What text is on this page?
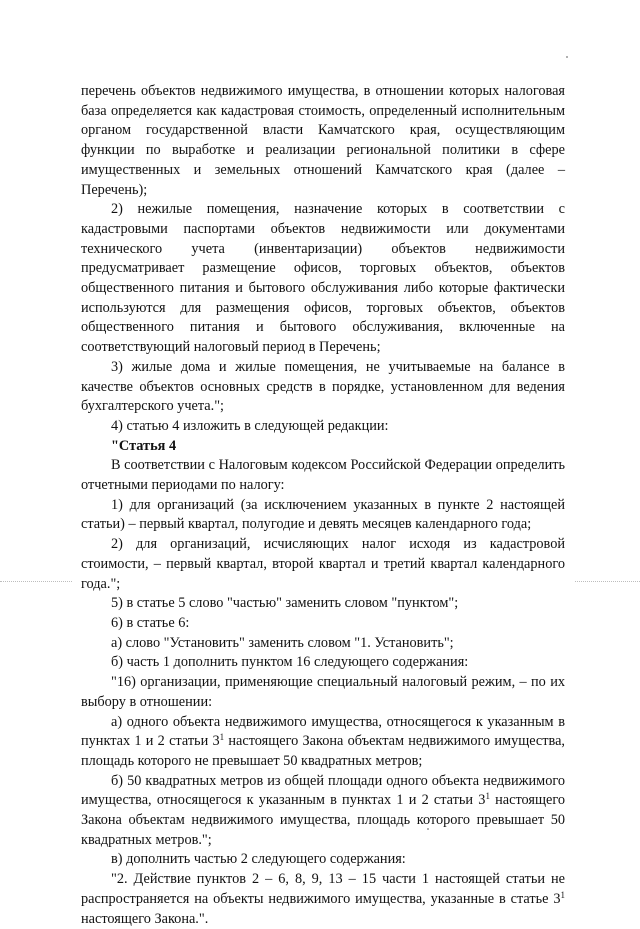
перечень объектов недвижимого имущества, в отношении которых налоговая база определяется как кадастровая стоимость, определенный исполнительным органом государственной власти Камчатского края, осуществляющим функции по выработке и реализации региональной политики в сфере имущественных и земельных отношений Камчатского края (далее – Перечень);

2) нежилые помещения, назначение которых в соответствии с кадастровыми паспортами объектов недвижимости или документами технического учета (инвентаризации) объектов недвижимости предусматривает размещение офисов, торговых объектов, объектов общественного питания и бытового обслуживания либо которые фактически используются для размещения офисов, торговых объектов, объектов общественного питания и бытового обслуживания, включенные на соответствующий налоговый период в Перечень;

3) жилые дома и жилые помещения, не учитываемые на балансе в качестве объектов основных средств в порядке, установленном для ведения бухгалтерского учета.";

4) статью 4 изложить в следующей редакции:

"Статья 4

В соответствии с Налоговым кодексом Российской Федерации определить отчетными периодами по налогу:

1) для организаций (за исключением указанных в пункте 2 настоящей статьи) – первый квартал, полугодие и девять месяцев календарного года;

2) для организаций, исчисляющих налог исходя из кадастровой стоимости, – первый квартал, второй квартал и третий квартал календарного года.";

5) в статье 5 слово "частью" заменить словом "пунктом";

6) в статье 6:

а) слово "Установить" заменить словом "1. Установить";

б) часть 1 дополнить пунктом 16 следующего содержания:

"16) организации, применяющие специальный налоговый режим, – по их выбору в отношении:

а) одного объекта недвижимого имущества, относящегося к указанным в пунктах 1 и 2 статьи $3^1$ настоящего Закона объектам недвижимого имущества, площадь которого не превышает 50 квадратных метров;

б) 50 квадратных метров из общей площади одного объекта недвижимого имущества, относящегося к указанным в пунктах 1 и 2 статьи $3^1$ настоящего Закона объектам недвижимого имущества, площадь которого превышает 50 квадратных метров.";

в) дополнить частью 2 следующего содержания:

"2. Действие пунктов 2 – 6, 8, 9, 13 – 15 части 1 настоящей статьи не распространяется на объекты недвижимого имущества, указанные в статье $3^1$ настоящего Закона.".
